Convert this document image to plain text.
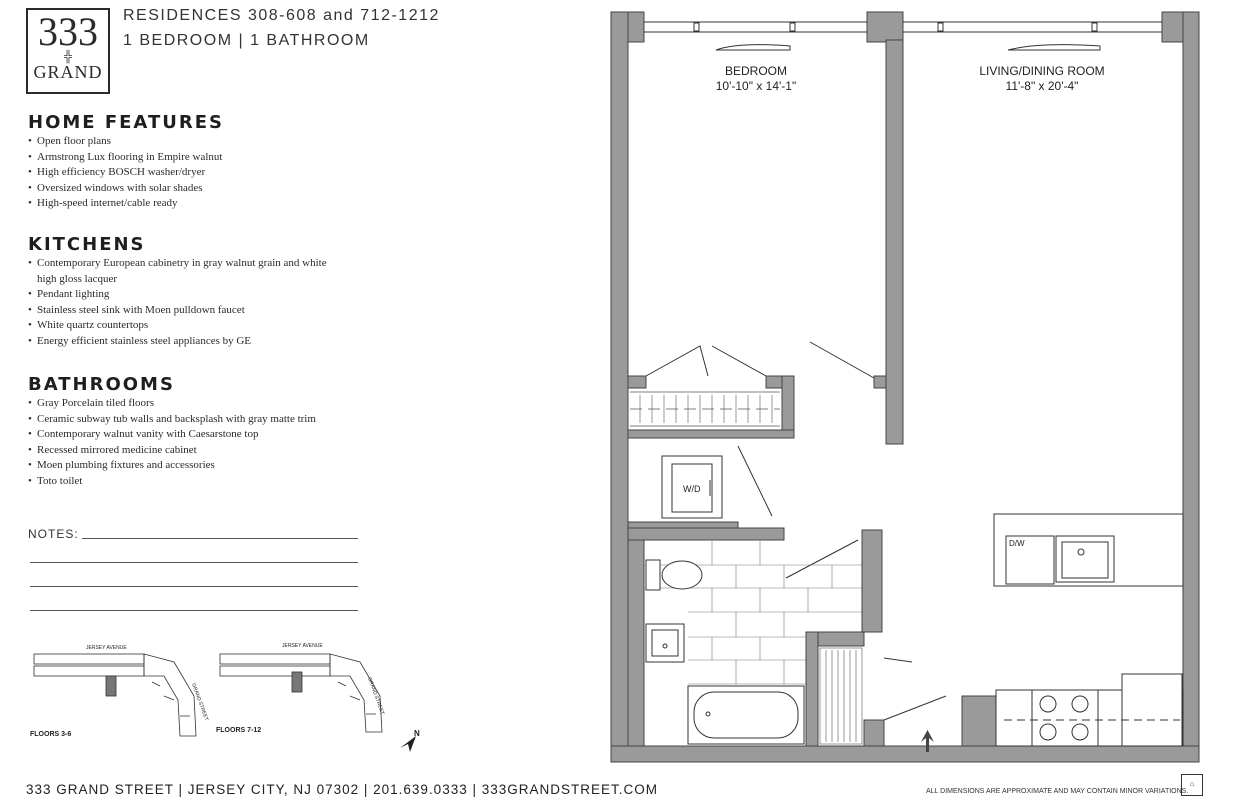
333
╬
GRAND
RESIDENCES 308-608 and 712-1212
1 BEDROOM | 1 BATHROOM
HOME FEATURES
• Open floor plans
• Armstrong Lux flooring in Empire walnut
• High efficiency BOSCH washer/dryer
• Oversized windows with solar shades
• High-speed internet/cable ready
KITCHENS
• Contemporary European cabinetry in gray walnut grain and white high gloss lacquer
• Pendant lighting
• Stainless steel sink with Moen pulldown faucet
• White quartz countertops
• Energy efficient stainless steel appliances by GE
BATHROOMS
• Gray Porcelain tiled floors
• Ceramic subway tub walls and backsplash with gray matte trim
• Contemporary walnut vanity with Caesarstone top
• Recessed mirrored medicine cabinet
• Moen plumbing fixtures and accessories
• Toto toilet
NOTES:
JERSEY AVENUE
GRAND STREET
FLOORS 3-6
JERSEY AVENUE
GRAND STREET
FLOORS 7-12	N
BEDROOM
10'-10" x 14'-1"
LIVING/DINING ROOM
11'-8" x 20'-4"
W/D
D/W
333 GRAND STREET | JERSEY CITY, NJ 07302 | 201.639.0333 | 333GRANDSTREET.COM	ALL DIMENSIONS ARE APPROXIMATE AND MAY CONTAIN MINOR VARIATIONS.
⌂
